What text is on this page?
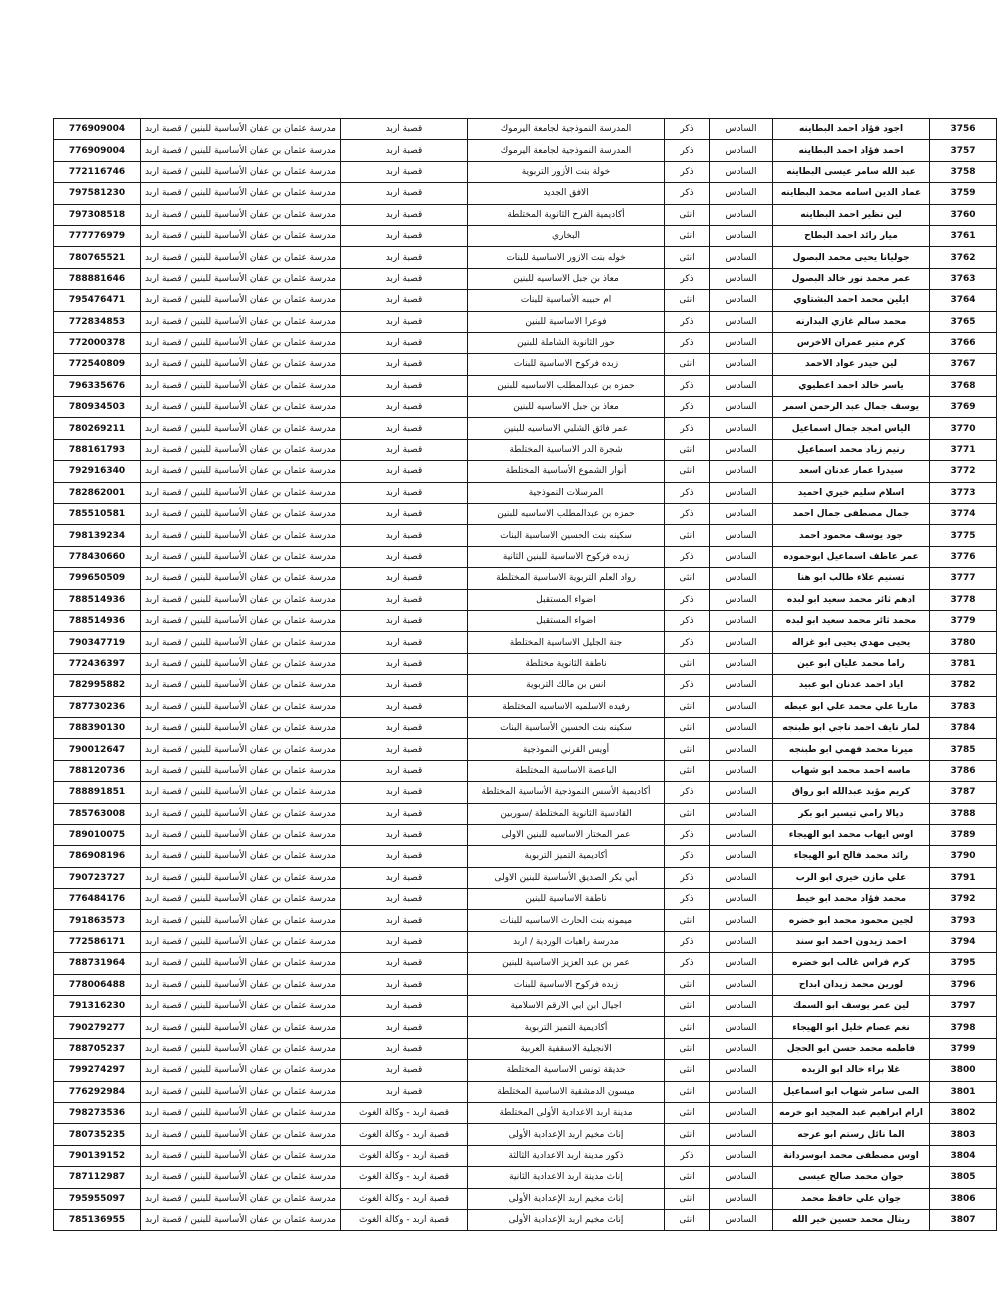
776909004	مدرسة عثمان بن عفان الأساسية للبنين / قصبة اربد	قصبة اربد	المدرسة النموذجية لجامعة اليرموك	ذكر	السادس	اجود فؤاد احمد البطاينه	3756
776909004	مدرسة عثمان بن عفان الأساسية للبنين / قصبة اربد	قصبة اربد	المدرسة النموذجية لجامعة اليرموك	ذكر	السادس	احمد فؤاد احمد البطاينه	3757
772116746	مدرسة عثمان بن عفان الأساسية للبنين / قصبة اربد	قصبة اربد	خولة بنت الأزور التربوية	ذكر	السادس	عبد الله سامر عيسى البطاينه	3758
797581230	مدرسة عثمان بن عفان الأساسية للبنين / قصبة اربد	قصبة اربد	الافق الجديد	ذكر	السادس	عماد الدين اسامه محمد البطاينه	3759
797308518	مدرسة عثمان بن عفان الأساسية للبنين / قصبة اربد	قصبة اربد	أكاديمية الفرح الثانوية المختلطة	انثى	السادس	لين نظير احمد البطاينه	3760
777776979	مدرسة عثمان بن عفان الأساسية للبنين / قصبة اربد	قصبة اربد	البخاري	انثى	السادس	ميار رائد احمد البطاح	3761
780765521	مدرسة عثمان بن عفان الأساسية للبنين / قصبة اربد	قصبة اربد	خوله بنت الازور الاساسية للبنات	انثى	السادس	جوليانا يحيى محمد البصول	3762
788881646	مدرسة عثمان بن عفان الأساسية للبنين / قصبة اربد	قصبة اربد	معاذ بن جبل الاساسيه للبنين	ذكر	السادس	عمر محمد نور خالد البصول	3763
795476471	مدرسة عثمان بن عفان الأساسية للبنين / قصبة اربد	قصبة اربد	ام حبيبه الأساسية للبنات	انثى	السادس	ايلين محمد احمد البشتاوي	3764
772834853	مدرسة عثمان بن عفان الأساسية للبنين / قصبة اربد	قصبة اربد	فوعرا الاساسية للبنين	ذكر	السادس	محمد سالم غازي البدارنه	3765
772000378	مدرسة عثمان بن عفان الأساسية للبنين / قصبة اربد	قصبة اربد	حور الثانوية الشاملة للبنين	ذكر	السادس	كرم منير عمران الاخرس	3766
772540809	مدرسة عثمان بن عفان الأساسية للبنين / قصبة اربد	قصبة اربد	زبده فركوح الاساسية للبنات	انثى	السادس	لين حيدر عواد الاحمد	3767
796335676	مدرسة عثمان بن عفان الأساسية للبنين / قصبة اربد	قصبة اربد	حمزه بن عبدالمطلب الاساسيه للبنين	ذكر	السادس	ياسر خالد احمد اعطيوي	3768
780934503	مدرسة عثمان بن عفان الأساسية للبنين / قصبة اربد	قصبة اربد	معاذ بن جبل الاساسيه للبنين	ذكر	السادس	يوسف جمال عبد الرحمن اسمر	3769
780269211	مدرسة عثمان بن عفان الأساسية للبنين / قصبة اربد	قصبة اربد	عمر فائق الشلبي الاساسيه للبنين	ذكر	السادس	الياس امجد جمال اسماعيل	3770
788161793	مدرسة عثمان بن عفان الأساسية للبنين / قصبة اربد	قصبة اربد	شجرة الدر الاساسية المختلطة	انثى	السادس	رنيم زياد محمد اسماعيل	3771
792916340	مدرسة عثمان بن عفان الأساسية للبنين / قصبة اربد	قصبة اربد	أنوار الشموع الأساسية المختلطة	انثى	السادس	سيدرا عمار عدنان اسعد	3772
782862001	مدرسة عثمان بن عفان الأساسية للبنين / قصبة اربد	قصبة اربد	المرسلات النموذجية	ذكر	السادس	اسلام سليم خيري احميد	3773
785510581	مدرسة عثمان بن عفان الأساسية للبنين / قصبة اربد	قصبة اربد	حمزه بن عبدالمطلب الاساسيه للبنين	ذكر	السادس	جمال مصطفى جمال احمد	3774
798139234	مدرسة عثمان بن عفان الأساسية للبنين / قصبة اربد	قصبة اربد	سكينه بنت الحسين الاساسية البنات	انثى	السادس	جود يوسف محمود احمد	3775
778430660	مدرسة عثمان بن عفان الأساسية للبنين / قصبة اربد	قصبة اربد	زبده فركوح الاساسية للبنين الثانية	ذكر	السادس	عمر عاطف اسماعيل ابوحموده	3776
799650509	مدرسة عثمان بن عفان الأساسية للبنين / قصبة اربد	قصبة اربد	رواد العلم التربوية الاساسية المختلطة	انثى	السادس	تسنيم علاء طالب ابو هنا	3777
788514936	مدرسة عثمان بن عفان الأساسية للبنين / قصبة اربد	قصبة اربد	اضواء المستقبل	ذكر	السادس	ادهم ثائر محمد سعيد ابو لبده	3778
788514936	مدرسة عثمان بن عفان الأساسية للبنين / قصبة اربد	قصبة اربد	اضواء المستقبل	ذكر	السادس	محمد ثائر محمد سعيد ابو لبده	3779
790347719	مدرسة عثمان بن عفان الأساسية للبنين / قصبة اربد	قصبة اربد	جنة الجليل الاساسية المختلطة	ذكر	السادس	يحيى مهدي يحيى ابو غزاله	3780
772436397	مدرسة عثمان بن عفان الأساسية للبنين / قصبة اربد	قصبة اربد	ناطفة الثانوية مختلطة	انثى	السادس	راما محمد عليان ابو عين	3781
782995882	مدرسة عثمان بن عفان الأساسية للبنين / قصبة اربد	قصبة اربد	انس بن مالك التربوية	ذكر	السادس	اياد احمد عدنان ابو عبيد	3782
787730236	مدرسة عثمان بن عفان الأساسية للبنين / قصبة اربد	قصبة اربد	رفيده الاسلميه الاساسيه المختلطة	انثى	السادس	ماريا علي محمد علي ابو عيطه	3783
788390130	مدرسة عثمان بن عفان الأساسية للبنين / قصبة اربد	قصبة اربد	سكينه بنت الحسين الأساسية البنات	انثى	السادس	لمار نايف احمد ناجي ابو طبنجه	3784
790012647	مدرسة عثمان بن عفان الأساسية للبنين / قصبة اربد	قصبة اربد	أويس القرني النموذجية	انثى	السادس	ميرنا محمد فهمي ابو طبنجه	3785
788120736	مدرسة عثمان بن عفان الأساسية للبنين / قصبة اربد	قصبة اربد	الباعصة الاساسية المختلطة	انثى	السادس	ماسه احمد محمد ابو شهاب	3786
788891851	مدرسة عثمان بن عفان الأساسية للبنين / قصبة اربد	قصبة اربد	أكاديمية الأسس النموذجية الأساسية المختلطة	ذكر	السادس	كريم مؤيد عبدالله ابو رواق	3787
785763008	مدرسة عثمان بن عفان الأساسية للبنين / قصبة اربد	قصبة اربد	القادسية الثانوية المختلطة /سوربين	انثى	السادس	ديالا رامي تيسير ابو بكر	3788
789010075	مدرسة عثمان بن عفان الأساسية للبنين / قصبة اربد	قصبة اربد	عمر المختار الاساسيه للبنين الاولى	ذكر	السادس	اوس ايهاب محمد ابو الهيجاء	3789
786908196	مدرسة عثمان بن عفان الأساسية للبنين / قصبة اربد	قصبة اربد	أكاديمية التميز التربوية	ذكر	السادس	رائد محمد فالح ابو الهيجاء	3790
790723727	مدرسة عثمان بن عفان الأساسية للبنين / قصبة اربد	قصبة اربد	أبي بكر الصديق الأساسية للبنين الاولى	ذكر	السادس	علي مازن خيري ابو الرب	3791
776484176	مدرسة عثمان بن عفان الأساسية للبنين / قصبة اربد	قصبة اربد	ناطفة الاساسية للبنين	ذكر	السادس	محمد فؤاد محمد ابو خيط	3792
791863573	مدرسة عثمان بن عفان الأساسية للبنين / قصبة اربد	قصبة اربد	ميمونه بنت الحارث الاساسيه للبنات	انثى	السادس	لجين محمود محمد ابو خضره	3793
772586171	مدرسة عثمان بن عفان الأساسية للبنين / قصبة اربد	قصبة اربد	مدرسة راهبات الوردية / اربد	ذكر	السادس	احمد زيدون احمد ابو سند	3794
788731964	مدرسة عثمان بن عفان الأساسية للبنين / قصبة اربد	قصبة اربد	عمر بن عبد العزيز الاساسية للبنين	ذكر	السادس	كرم فراس غالب ابو خضره	3795
778006488	مدرسة عثمان بن عفان الأساسية للبنين / قصبة اربد	قصبة اربد	زبده فركوح الاساسية للبنات	انثى	السادس	لورين محمد زيدان ابداح	3796
791316230	مدرسة عثمان بن عفان الأساسية للبنين / قصبة اربد	قصبة اربد	اجيال ابن ابي الارقم الاسلامية	انثى	السادس	لين عمر يوسف ابو السمك	3797
790279277	مدرسة عثمان بن عفان الأساسية للبنين / قصبة اربد	قصبة اربد	أكاديمية التميز التربوية	انثى	السادس	نغم عصام خليل ابو الهيجاء	3798
788705237	مدرسة عثمان بن عفان الأساسية للبنين / قصبة اربد	قصبة اربد	الانجيلية الاسقفية العربية	انثى	السادس	فاطمه محمد حسن ابو الحجل	3799
799274297	مدرسة عثمان بن عفان الأساسية للبنين / قصبة اربد	قصبة اربد	حديقة تونس الاساسية المختلطة	انثى	السادس	غلا براء خالد ابو الزيده	3800
776292984	مدرسة عثمان بن عفان الأساسية للبنين / قصبة اربد	قصبة اربد	ميسون الدمشقية الاساسية المختلطة	انثى	السادس	المى سامر شهاب ابو اسماعيل	3801
798273536	مدرسة عثمان بن عفان الأساسية للبنين / قصبة اربد	قصبة اربد - وكالة الغوث	مدينة اربد الاعدادية الأولى المختلطة	انثى	السادس	ارام ابراهيم عبد المجيد ابو خرمه	3802
780735235	مدرسة عثمان بن عفان الأساسية للبنين / قصبة اربد	قصبة اربد - وكالة الغوث	إناث مخيم اربد الإعدادية الأولى	انثى	السادس	الما نائل رستم ابو عرجه	3803
790139152	مدرسة عثمان بن عفان الأساسية للبنين / قصبة اربد	قصبة اربد - وكالة الغوث	ذكور مدينة اربد الاعدادية الثالثة	ذكر	السادس	اوس مصطفى محمد ابوسردانة	3804
787112987	مدرسة عثمان بن عفان الأساسية للبنين / قصبة اربد	قصبة اربد - وكالة الغوث	إناث مدينة اربد الاعدادية الثانية	انثى	السادس	جوان محمد صالح عيسى	3805
795955097	مدرسة عثمان بن عفان الأساسية للبنين / قصبة اربد	قصبة اربد - وكالة الغوث	إناث مخيم اربد الإعدادية الأولى	انثى	السادس	جوان علي حافظ محمد	3806
785136955	مدرسة عثمان بن عفان الأساسية للبنين / قصبة اربد	قصبة اربد - وكالة الغوث	إناث مخيم اربد الإعدادية الأولى	انثى	السادس	ريتال محمد حسين خير الله	3807
